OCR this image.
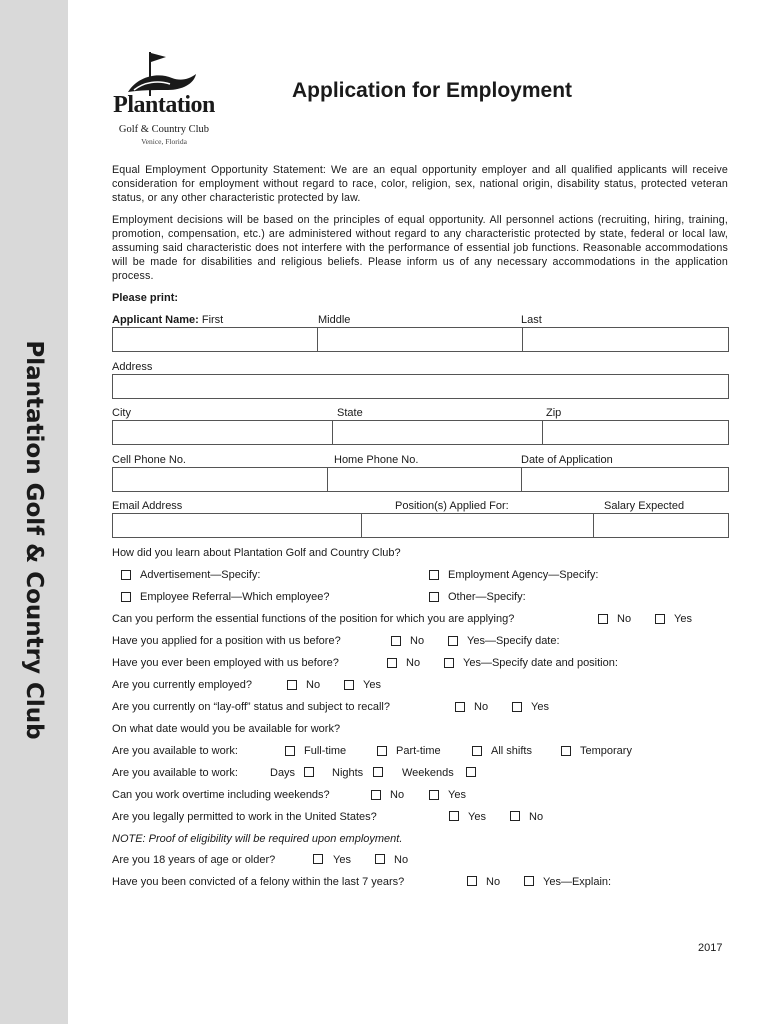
Plantation Golf & Country Club
Plantation
Golf & Country Club
Venice, Florida
Application for Employment
Equal Employment Opportunity Statement: We are an equal opportunity employer and all qualified applicants will receive consideration for employment without regard to race, color, religion, sex, national origin, disability status, protected veteran status, or any other characteristic protected by law.
Employment decisions will be based on the principles of equal opportunity. All personnel actions (recruiting, hiring, training, promotion, compensation, etc.) are administered without regard to any characteristic protected by state, federal or local law, assuming said characteristic does not interfere with the performance of essential job functions. Reasonable accommodations will be made for disabilities and religious beliefs. Please inform us of any necessary accommodations in the application process.
Please print:
Applicant Name: First	Middle	Last
Address
City	State	Zip
Cell Phone No.	Home Phone No.	Date of Application
Email Address	Position(s) Applied For:	Salary Expected
How did you learn about Plantation Golf and Country Club?
Advertisement—Specify:	Employment Agency—Specify:
Employee Referral—Which employee?	Other—Specify:
Can you perform the essential functions of the position for which you are applying?	No	Yes
Have you applied for a position with us before?	No	Yes—Specify date:
Have you ever been employed with us before?	No	Yes—Specify date and position:
Are you currently employed?	No	Yes
Are you currently on “lay-off” status and subject to recall?	No	Yes
On what date would you be available for work?
Are you available to work:	Full-time	Part-time	All shifts	Temporary
Are you available to work:	Days	Nights	Weekends
Can you work overtime including weekends?	No	Yes
Are you legally permitted to work in the United States?	Yes	No
NOTE: Proof of eligibility will be required upon employment.
Are you 18 years of age or older?	Yes	No
Have you been convicted of a felony within the last 7 years?	No	Yes—Explain:
2017
